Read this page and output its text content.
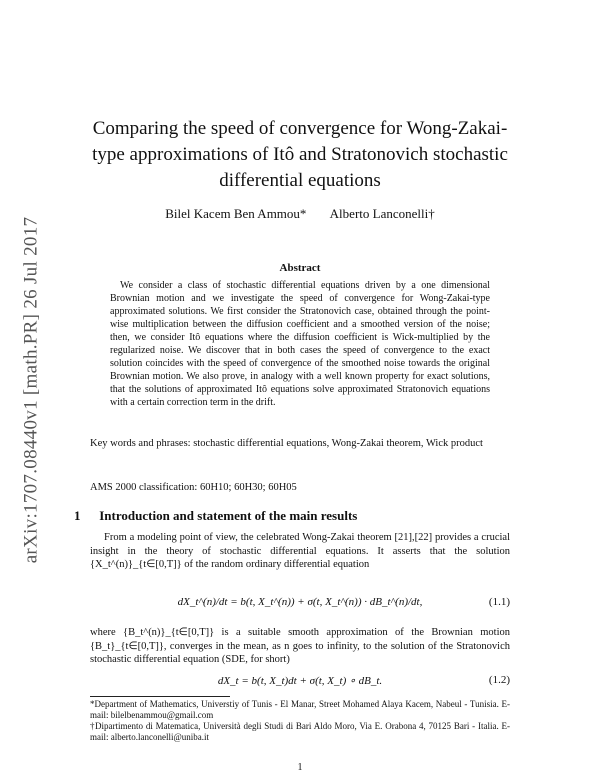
arXiv:1707.08440v1 [math.PR] 26 Jul 2017
Comparing the speed of convergence for Wong-Zakai-type approximations of Itô and Stratonovich stochastic differential equations
Bilel Kacem Ben Ammou* Alberto Lanconelli†
Abstract
We consider a class of stochastic differential equations driven by a one dimensional Brownian motion and we investigate the speed of convergence for Wong-Zakai-type approximated solutions. We first consider the Stratonovich case, obtained through the point-wise multiplication between the diffusion coefficient and a smoothed version of the noise; then, we consider Itô equations where the diffusion coefficient is Wick-multiplied by the regularized noise. We discover that in both cases the speed of convergence to the exact solution coincides with the speed of convergence of the smoothed noise towards the original Brownian motion. We also prove, in analogy with a well known property for exact solutions, that the solutions of approximated Itô equations solve approximated Stratonovich equations with a certain correction term in the drift.
Key words and phrases: stochastic differential equations, Wong-Zakai theorem, Wick product
AMS 2000 classification: 60H10; 60H30; 60H05
1 Introduction and statement of the main results
From a modeling point of view, the celebrated Wong-Zakai theorem [21],[22] provides a crucial insight in the theory of stochastic differential equations. It asserts that the solution {X_t^(n)}_{t∈[0,T]} of the random ordinary differential equation
dX_t^(n)/dt = b(t, X_t^(n)) + σ(t, X_t^(n)) · dB_t^(n)/dt,	(1.1)
where {B_t^(n)}_{t∈[0,T]} is a suitable smooth approximation of the Brownian motion {B_t}_{t∈[0,T]}, converges in the mean, as n goes to infinity, to the solution of the Stratonovich stochastic differential equation (SDE, for short)
dX_t = b(t, X_t)dt + σ(t, X_t) ∘ dB_t.	(1.2)
*Department of Mathematics, Universtiy of Tunis - El Manar, Street Mohamed Alaya Kacem, Nabeul - Tunisia. E-mail: bilelbenammou@gmail.com
†Dipartimento di Matematica, Università degli Studi di Bari Aldo Moro, Via E. Orabona 4, 70125 Bari - Italia. E-mail: alberto.lanconelli@uniba.it
1
